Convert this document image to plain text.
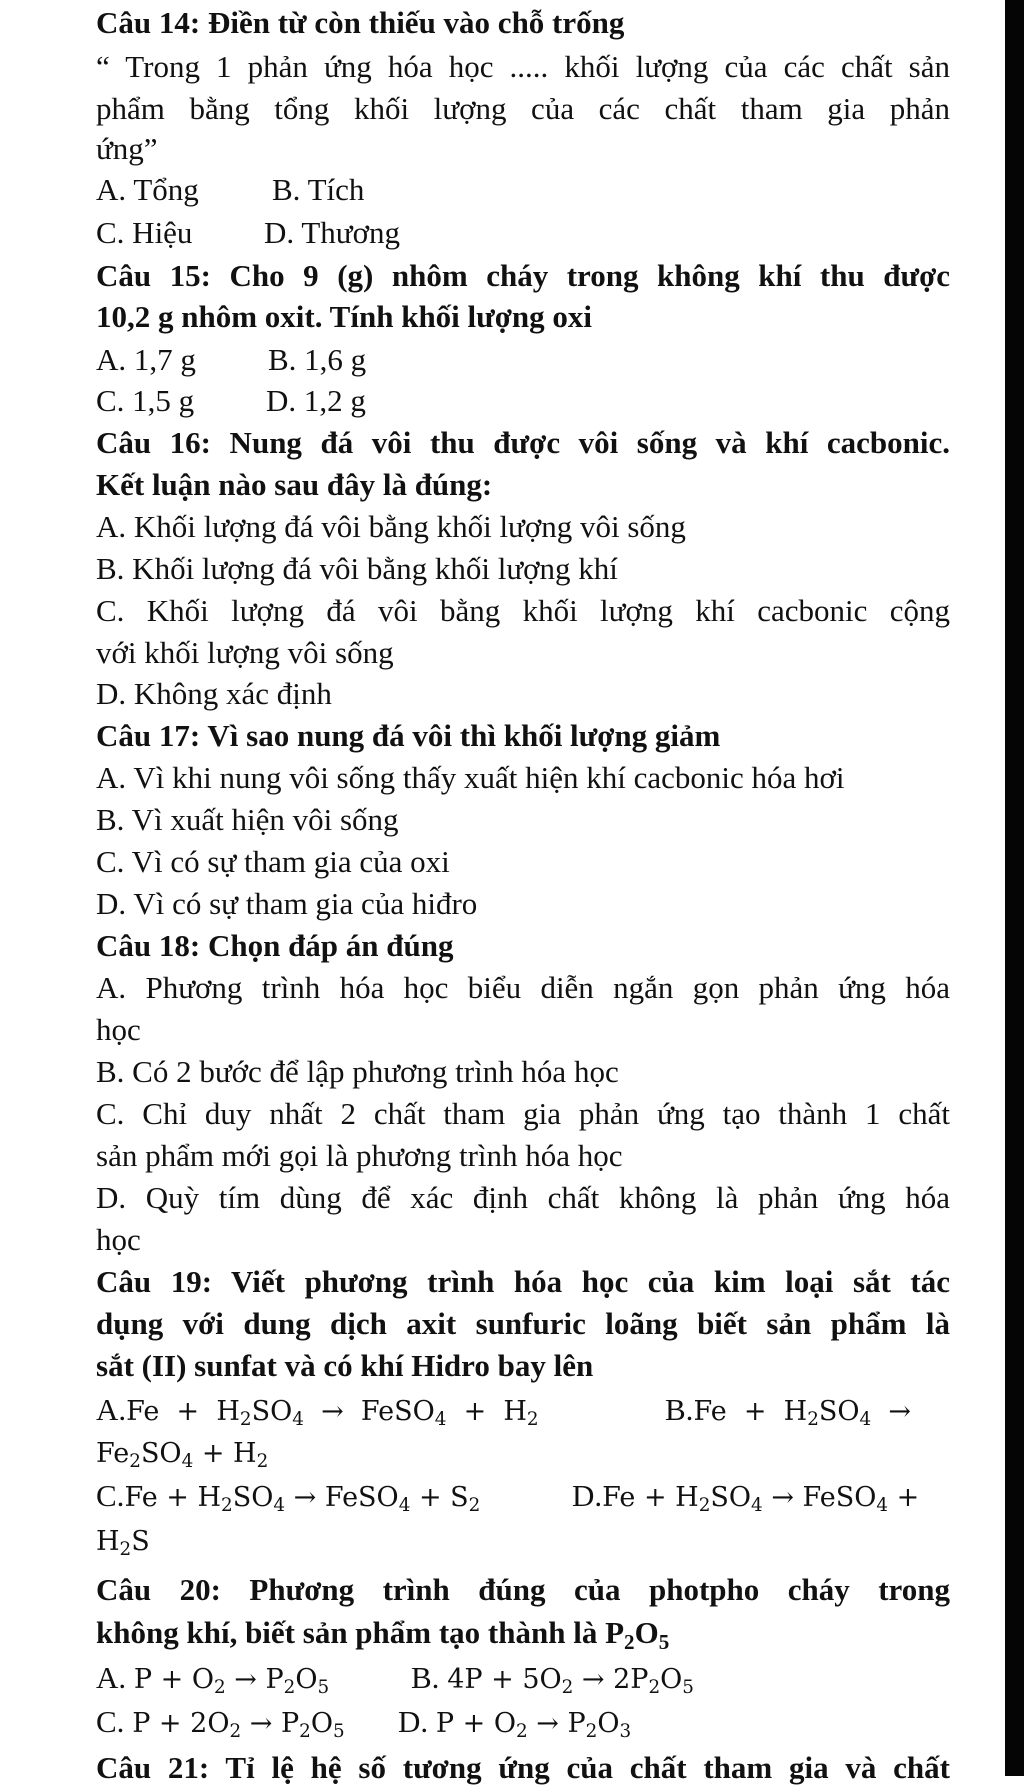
Câu 14: Điền từ còn thiếu vào chỗ trống
“ Trong 1 phản ứng hóa học ..... khối lượng của các chất sản
phẩm bằng tổng khối lượng của các chất tham gia phản
ứng”
A. Tổng B. Tích
C. Hiệu D. Thương
Câu 15: Cho 9 (g) nhôm cháy trong không khí thu được
10,2 g nhôm oxit. Tính khối lượng oxi
A. 1,7 g B. 1,6 g
C. 1,5 g D. 1,2 g
Câu 16: Nung đá vôi thu được vôi sống và khí cacbonic.
Kết luận nào sau đây là đúng:
A. Khối lượng đá vôi bằng khối lượng vôi sống
B. Khối lượng đá vôi bằng khối lượng khí
C. Khối lượng đá vôi bằng khối lượng khí cacbonic cộng
với khối lượng vôi sống
D. Không xác định
Câu 17: Vì sao nung đá vôi thì khối lượng giảm
A. Vì khi nung vôi sống thấy xuất hiện khí cacbonic hóa hơi
B. Vì xuất hiện vôi sống
C. Vì có sự tham gia của oxi
D. Vì có sự tham gia của hiđro
Câu 18: Chọn đáp án đúng
A. Phương trình hóa học biểu diễn ngắn gọn phản ứng hóa
học
B. Có 2 bước để lập phương trình hóa học
C. Chỉ duy nhất 2 chất tham gia phản ứng tạo thành 1 chất
sản phẩm mới gọi là phương trình hóa học
D. Quỳ tím dùng để xác định chất không là phản ứng hóa
học
Câu 19: Viết phương trình hóa học của kim loại sắt tác
dụng với dung dịch axit sunfuric loãng biết sản phẩm là
sắt (II) sunfat và có khí Hidro bay lên
$A.Fe + H_2SO_4$  →  FeSO$_4$  +  $H_2$	$B.Fe + H_2SO_4$  →
$Fe_2SO_4 + H_2$
$C.Fe + H_2SO_4$ → FeSO$_4$ + $S_2$	$D.Fe + H_2SO_4$ → FeSO$_4$ +
$H_2S$
Câu 20: Phương trình đúng của photpho cháy trong
không khí, biết sản phẩm tạo thành là $P_2O_5$
A. $P + O_2 \to P_2O_5$	B. $4P + 5O_2 \to 2P_2O_5$
C. $P + 2O_2 \to P_2O_5$ D. $P + O_2 \to P_2O_3$
Câu 21: Tỉ lệ hệ số tương ứng của chất tham gia và chất
